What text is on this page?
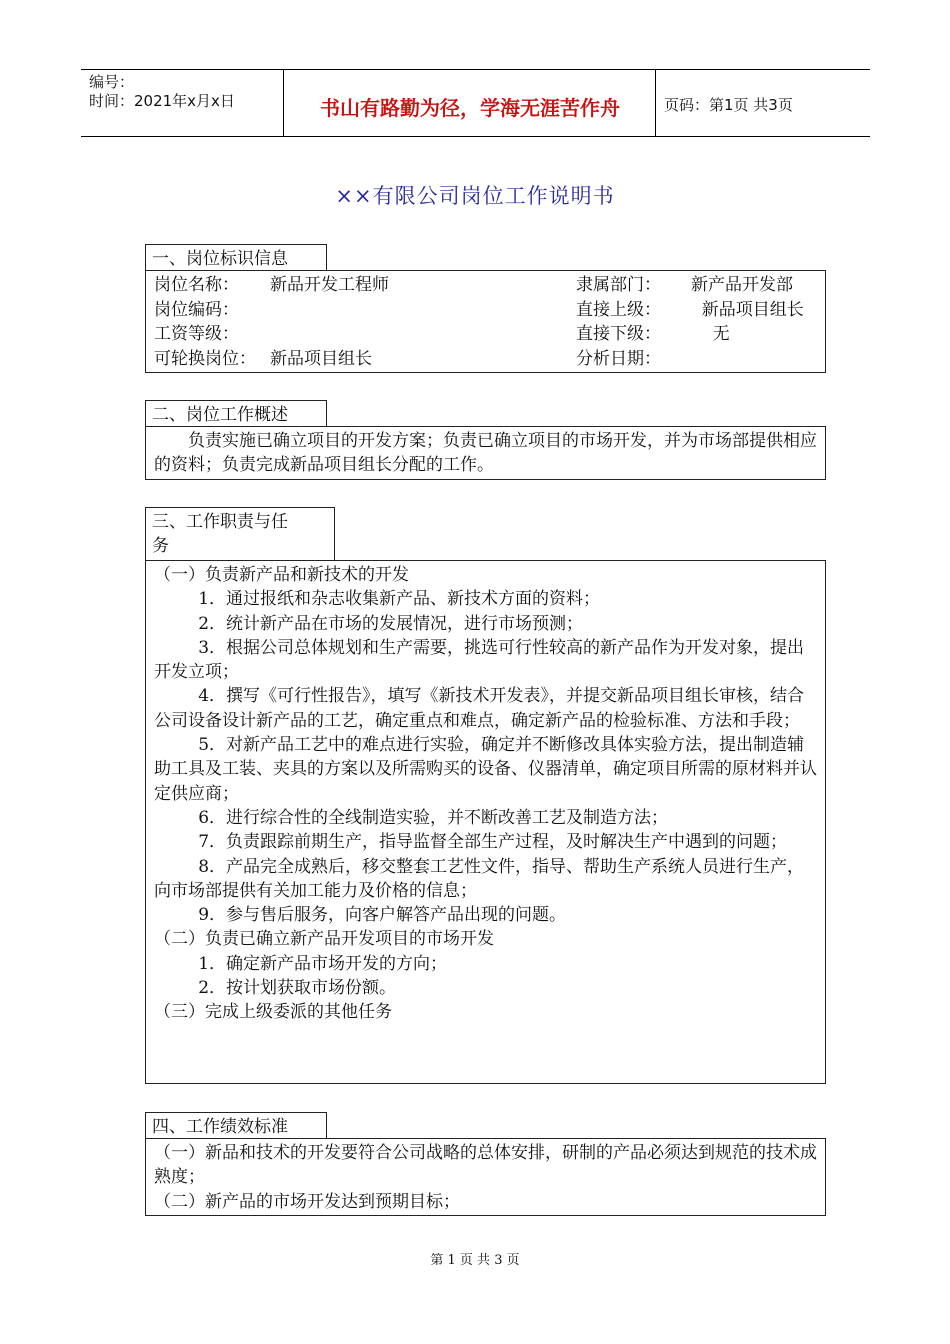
编号：
时间：2021年x月x日	书山有路勤为径，学海无涯苦作舟	页码：第1页 共3页
××有限公司岗位工作说明书
一、岗位标识信息
岗位名称： 新品开发工程师	隶属部门： 新产品开发部
岗位编码：	直接上级： 新品项目组长
工资等级：	直接下级： 无
可轮换岗位： 新品项目组长	分析日期：
二、岗位工作概述
负责实施已确立项目的开发方案；负责已确立项目的市场开发，并为市场部提供相应的资料；负责完成新品项目组长分配的工作。
三、工作职责与任
务
（一）负责新产品和新技术的开发
1．通过报纸和杂志收集新产品、新技术方面的资料；
2．统计新产品在市场的发展情况，进行市场预测；
3．根据公司总体规划和生产需要，挑选可行性较高的新产品作为开发对象，提出开发立项；
4．撰写《可行性报告》，填写《新技术开发表》，并提交新品项目组长审核，结合公司设备设计新产品的工艺，确定重点和难点，确定新产品的检验标准、方法和手段；
5．对新产品工艺中的难点进行实验，确定并不断修改具体实验方法，提出制造辅助工具及工装、夹具的方案以及所需购买的设备、仪器清单，确定项目所需的原材料并认定供应商；
6．进行综合性的全线制造实验，并不断改善工艺及制造方法；
7．负责跟踪前期生产，指导监督全部生产过程，及时解决生产中遇到的问题；
8．产品完全成熟后，移交整套工艺性文件，指导、帮助生产系统人员进行生产，向市场部提供有关加工能力及价格的信息；
9．参与售后服务，向客户解答产品出现的问题。
（二）负责已确立新产品开发项目的市场开发
1．确定新产品市场开发的方向；
2．按计划获取市场份额。
（三）完成上级委派的其他任务
四、工作绩效标准
（一）新品和技术的开发要符合公司战略的总体安排，研制的产品必须达到规范的技术成熟度；
（二）新产品的市场开发达到预期目标；
第 1 页 共 3 页
